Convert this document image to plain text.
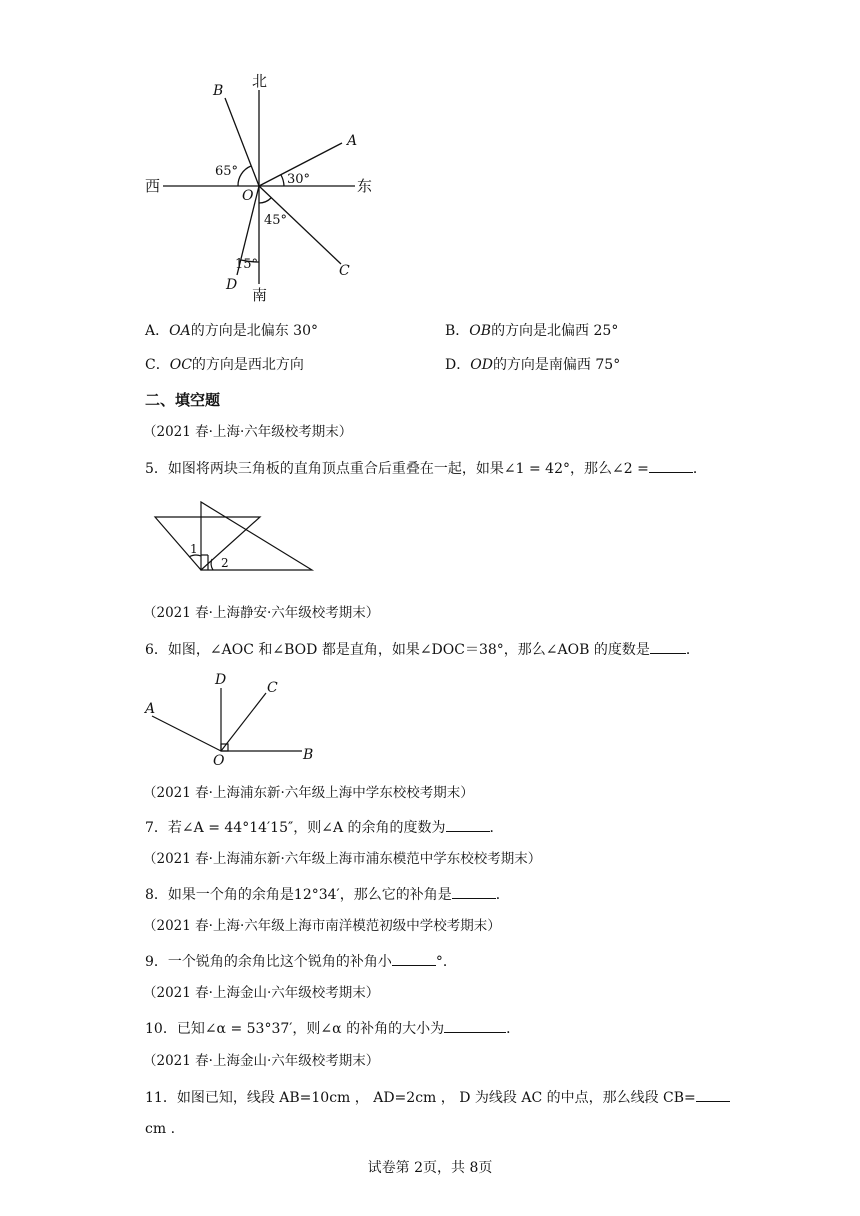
北
南
西	东
O
B
A
C
D
65°
30°
45°
15°
A．OA的方向是北偏东 30°	B．OB的方向是北偏西 25°
C．OC的方向是西北方向	D．OD的方向是南偏西 75°
二、填空题
（2021 春·上海·六年级校考期末）
5．如图将两块三角板的直角顶点重合后重叠在一起，如果∠1 = 42°，那么∠2 =	．
1
2
（2021 春·上海静安·六年级校考期末）
6．如图，∠AOC 和∠BOD 都是直角，如果∠DOC＝38°，那么∠AOB 的度数是	．
D	C
A
B
O
（2021 春·上海浦东新·六年级上海中学东校校考期末）
7．若∠A = 44°14′15″，则∠A 的余角的度数为	．
（2021 春·上海浦东新·六年级上海市浦东模范中学东校校考期末）
8．如果一个角的余角是12°34′，那么它的补角是	．
（2021 春·上海·六年级上海市南洋模范初级中学校考期末）
9．一个锐角的余角比这个锐角的补角小	°．
（2021 春·上海金山·六年级校考期末）
10．已知∠α = 53°37′，则∠α 的补角的大小为	．
（2021 春·上海金山·六年级校考期末）
11．如图已知，线段 AB=10cm ， AD=2cm ， D 为线段 AC 的中点，那么线段 CB=
cm .
试卷第 2页，共 8页
